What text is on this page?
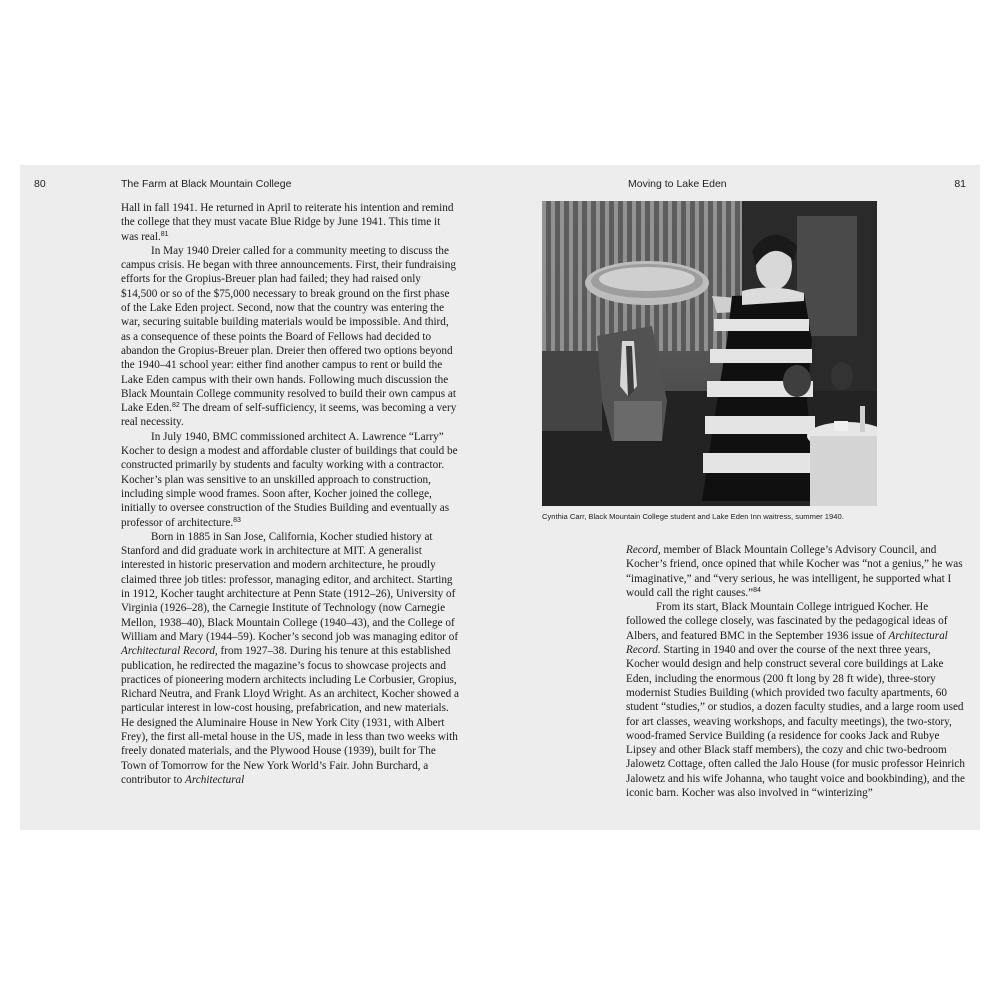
80	The Farm at Black Mountain College

Hall in fall 1941. He returned in April to reiterate his intention and remind the college that they must vacate Blue Ridge by June 1941. This time it was real.$^{81}$

In May 1940 Dreier called for a community meeting to discuss the campus crisis. He began with three announcements. First, their fundraising efforts for the Gropius-Breuer plan had failed; they had raised only $14,500 or so of the $75,000 necessary to break ground on the first phase of the Lake Eden project. Second, now that the country was entering the war, securing suitable building materials would be impossible. And third, as a consequence of these points the Board of Fellows had decided to abandon the Gropius-Breuer plan. Dreier then offered two options beyond the 1940–41 school year: either find another campus to rent or build the Lake Eden campus with their own hands. Following much discussion the Black Mountain College community resolved to build their own campus at Lake Eden.$^{82}$ The dream of self-sufficiency, it seems, was becoming a very real necessity.

In July 1940, BMC commissioned architect A. Lawrence “Larry” Kocher to design a modest and affordable cluster of buildings that could be constructed primarily by students and faculty working with a contractor. Kocher’s plan was sensitive to an unskilled approach to construction, including simple wood frames. Soon after, Kocher joined the college, initially to oversee construction of the Studies Building and eventually as professor of architecture.$^{83}$

Born in 1885 in San Jose, California, Kocher studied history at Stanford and did graduate work in architecture at MIT. A generalist interested in historic preservation and modern architecture, he proudly claimed three job titles: professor, managing editor, and architect. Starting in 1912, Kocher taught architecture at Penn State (1912–26), University of Virginia (1926–28), the Carnegie Institute of Technology (now Carnegie Mellon, 1938–40), Black Mountain College (1940–43), and the College of William and Mary (1944–59). Kocher’s second job was managing editor of Architectural Record, from 1927–38. During his tenure at this established publication, he redirected the magazine’s focus to showcase projects and practices of pioneering modern architects including Le Corbusier, Gropius, Richard Neutra, and Frank Lloyd Wright. As an architect, Kocher showed a particular interest in low-cost housing, prefabrication, and new materials. He designed the Aluminaire House in New York City (1931, with Albert Frey), the first all-metal house in the US, made in less than two weeks with freely donated materials, and the Plywood House (1939), built for The Town of Tomorrow for the New York World’s Fair. John Burchard, a contributor to Architectural

Moving to Lake Eden	81
Cynthia Carr, Black Mountain College student and Lake Eden Inn waitress, summer 1940.

Record, member of Black Mountain College’s Advisory Council, and Kocher’s friend, once opined that while Kocher was “not a genius,” he was “imaginative,” and “very serious, he was intelligent, he supported what I would call the right causes.”$^{84}$

From its start, Black Mountain College intrigued Kocher. He followed the college closely, was fascinated by the pedagogical ideas of Albers, and featured BMC in the September 1936 issue of Architectural Record. Starting in 1940 and over the course of the next three years, Kocher would design and help construct several core buildings at Lake Eden, including the enormous (200 ft long by 28 ft wide), three-story modernist Studies Building (which provided two faculty apartments, 60 student “studies,” or studios, a dozen faculty studies, and a large room used for art classes, weaving workshops, and faculty meetings), the two-story, wood-framed Service Building (a residence for cooks Jack and Rubye Lipsey and other Black staff members), the cozy and chic two-bedroom Jalowetz Cottage, often called the Jalo House (for music professor Heinrich Jalowetz and his wife Johanna, who taught voice and bookbinding), and the iconic barn. Kocher was also involved in “winterizing”
